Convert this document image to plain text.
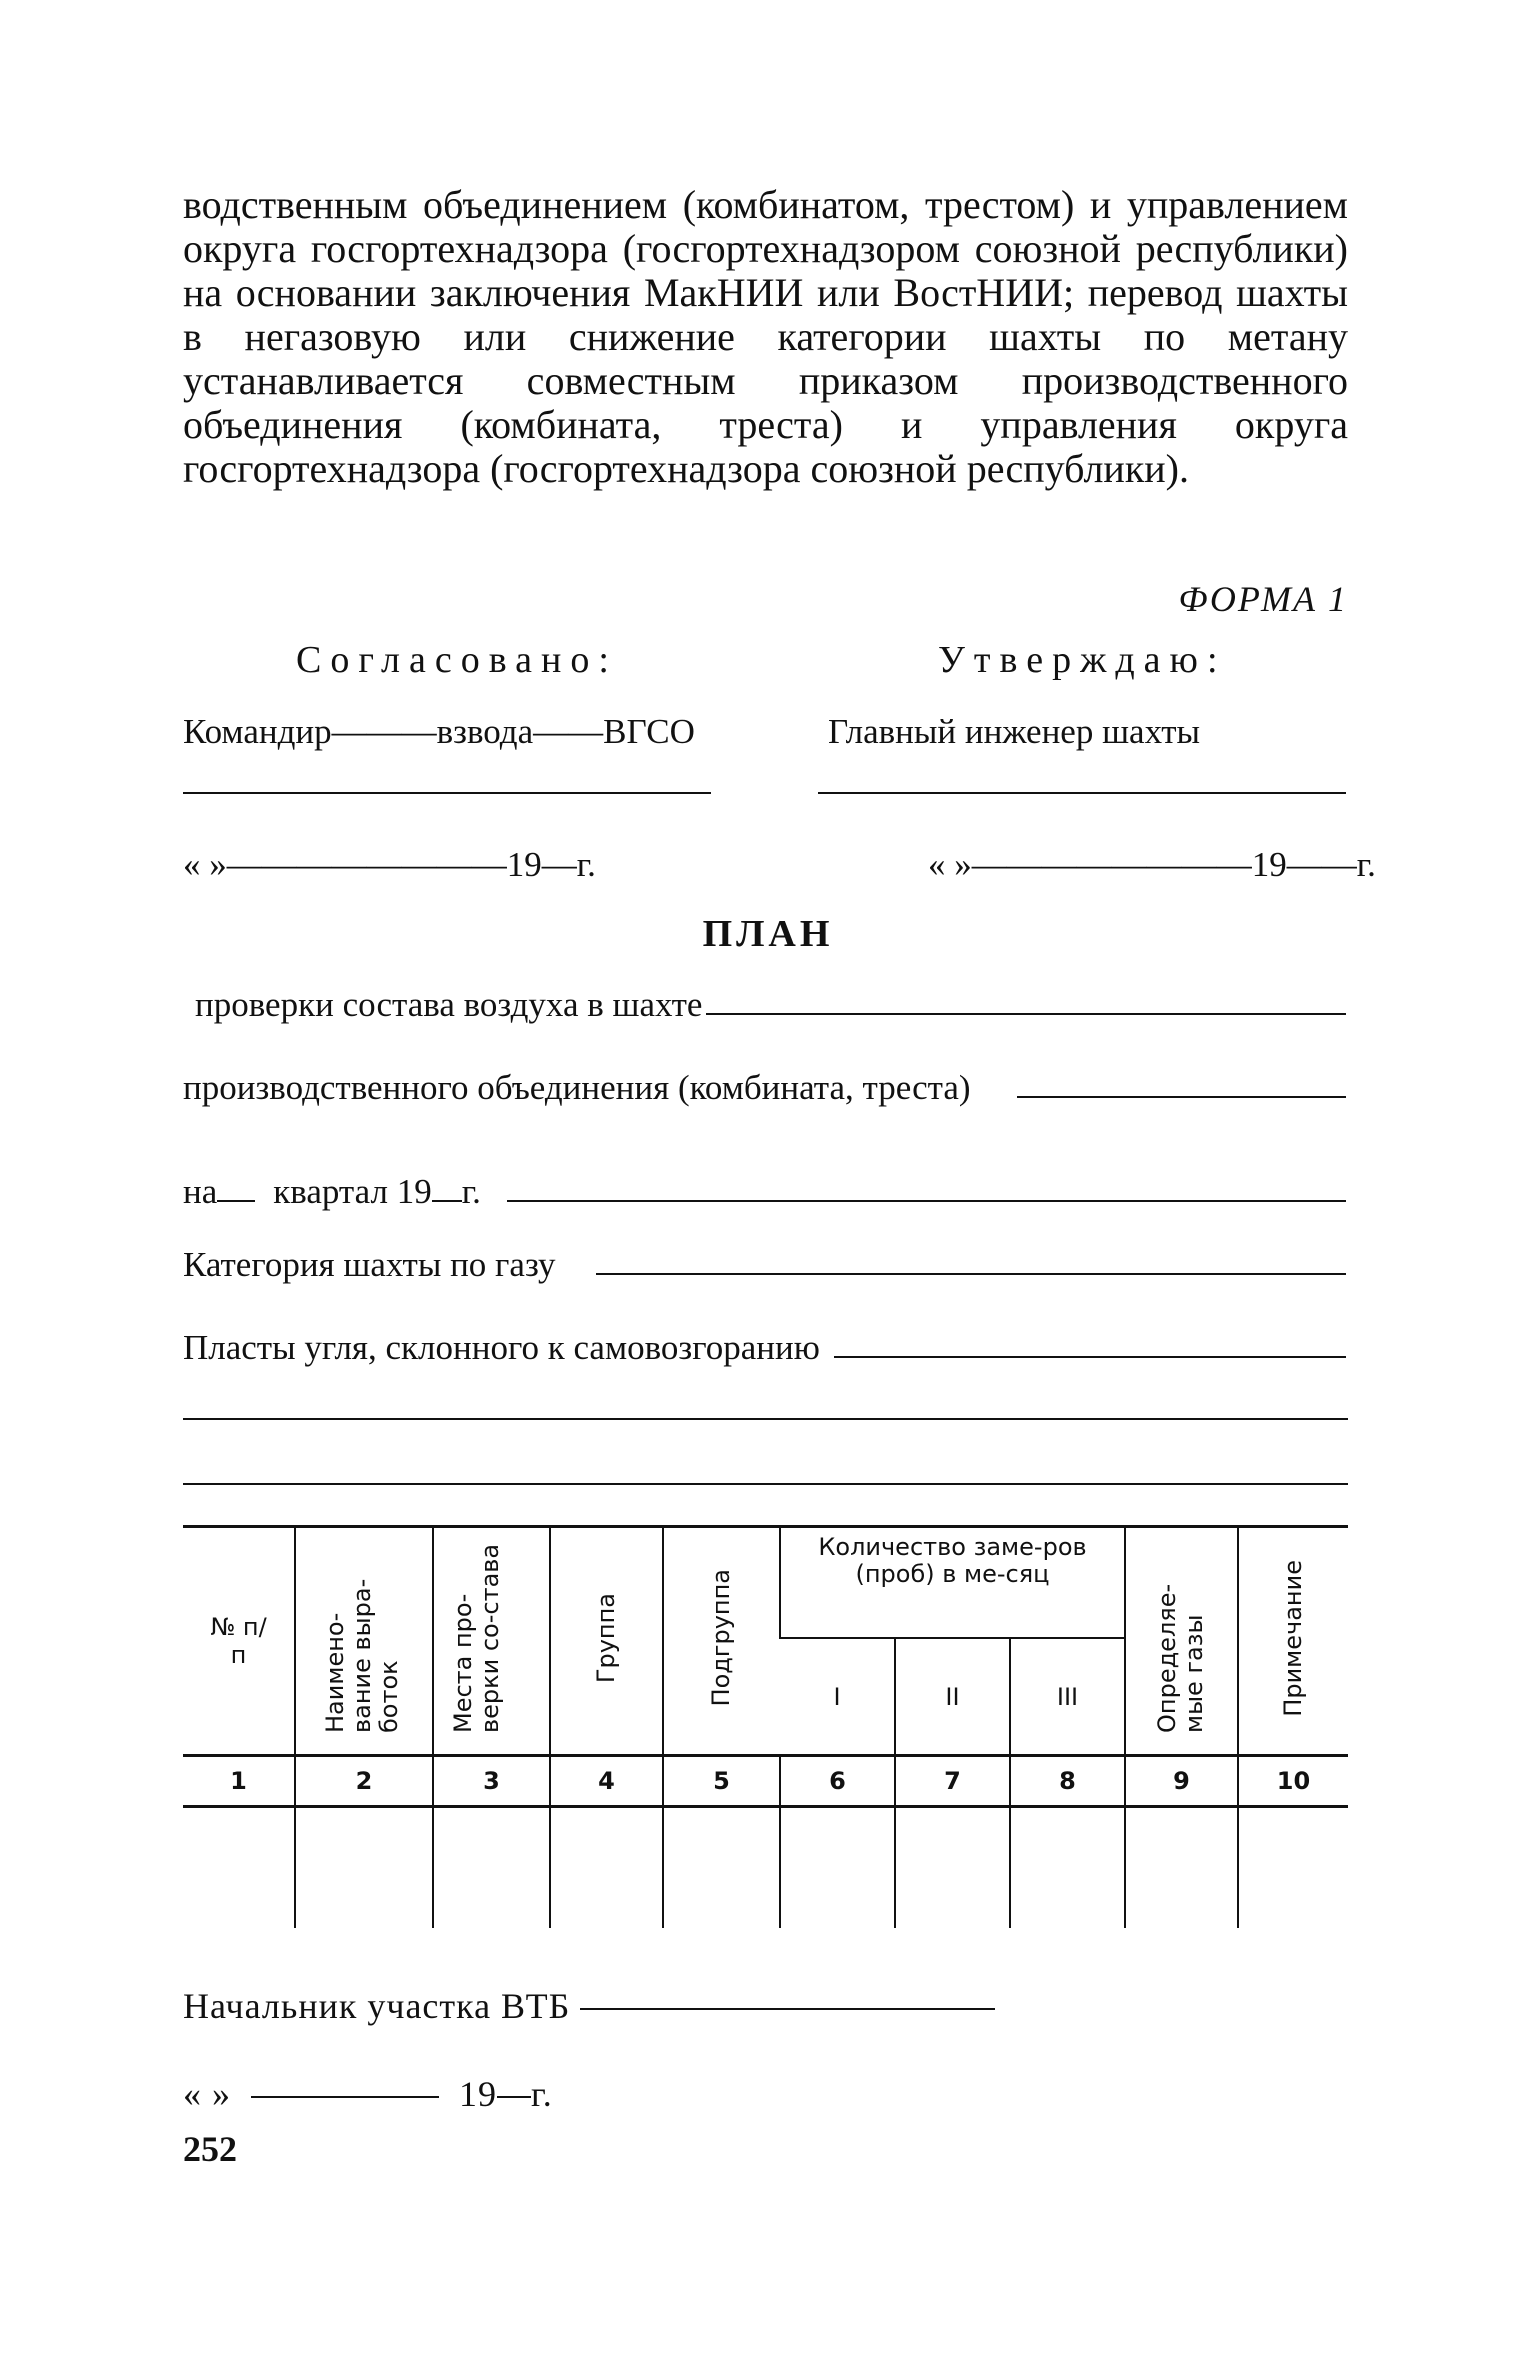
водственным объединением (комбинатом, трестом) и управлением округа госгортехнадзора (госгортехнадзором союзной республики) на основании заключения МакНИИ или ВостНИИ; перевод шахты в негазовую или снижение категории шахты по метану устанавливается совместным приказом производственного объединения (комбината, треста) и управления округа госгортехнадзора (госгортехнадзора союзной республики).
ФОРМА 1
Согласовано:	Утверждаю:
Командир———взвода——ВГСО	Главный инженер шахты
« »————————19—г.	« »————————19——г.
ПЛАН
проверки состава воздуха в шахте
производственного объединения (комбината, треста)
на квартал 19 г.
Категория шахты по газу
Пласты угля, склонного к самовозгоранию
№ п/п	Наимено-вание выра-боток	Места про-верки со-става	Группа	Подгруппа	Количество заме-ров (проб) в ме-сяц			Определяе-мые газы	Примечание
					I	II	III		
1	2	3	4	5	6	7	8	9	10

Начальник участка ВТБ
« »	19 г.
252
